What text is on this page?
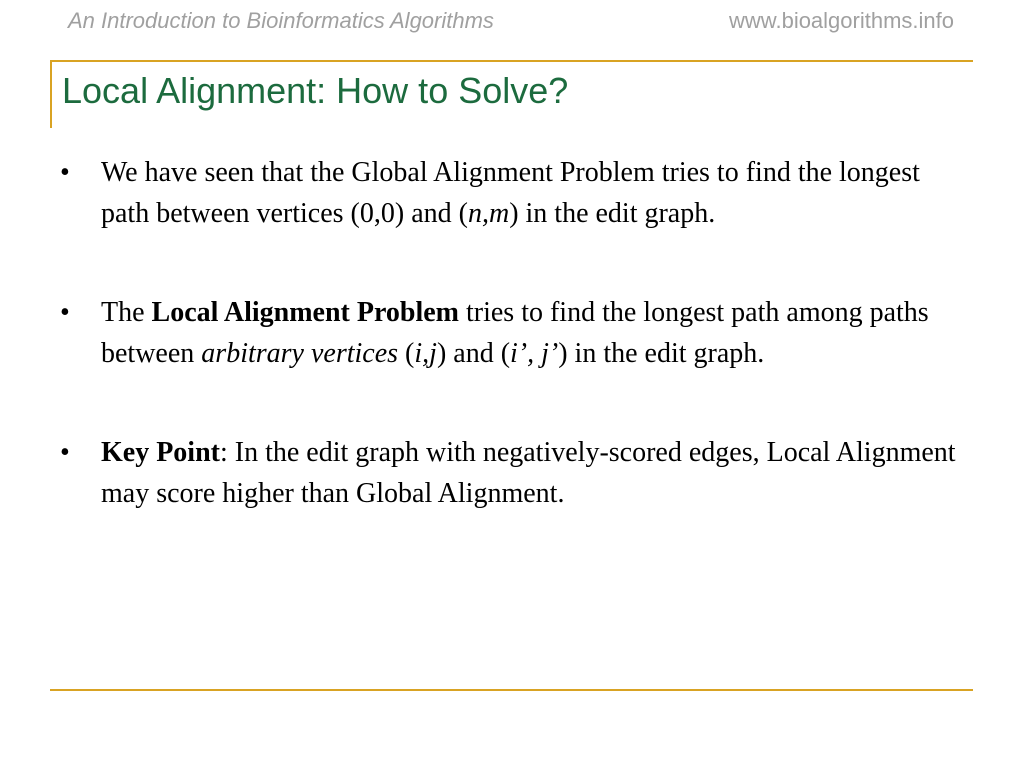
An Introduction to Bioinformatics Algorithms	www.bioalgorithms.info
Local Alignment: How to Solve?
• We have seen that the Global Alignment Problem tries to find the longest path between vertices (0,0) and (n,m) in the edit graph.
• The Local Alignment Problem tries to find the longest path among paths between arbitrary vertices (i,j) and (i’, j’) in the edit graph.
• Key Point: In the edit graph with negatively-scored edges, Local Alignment may score higher than Global Alignment.
